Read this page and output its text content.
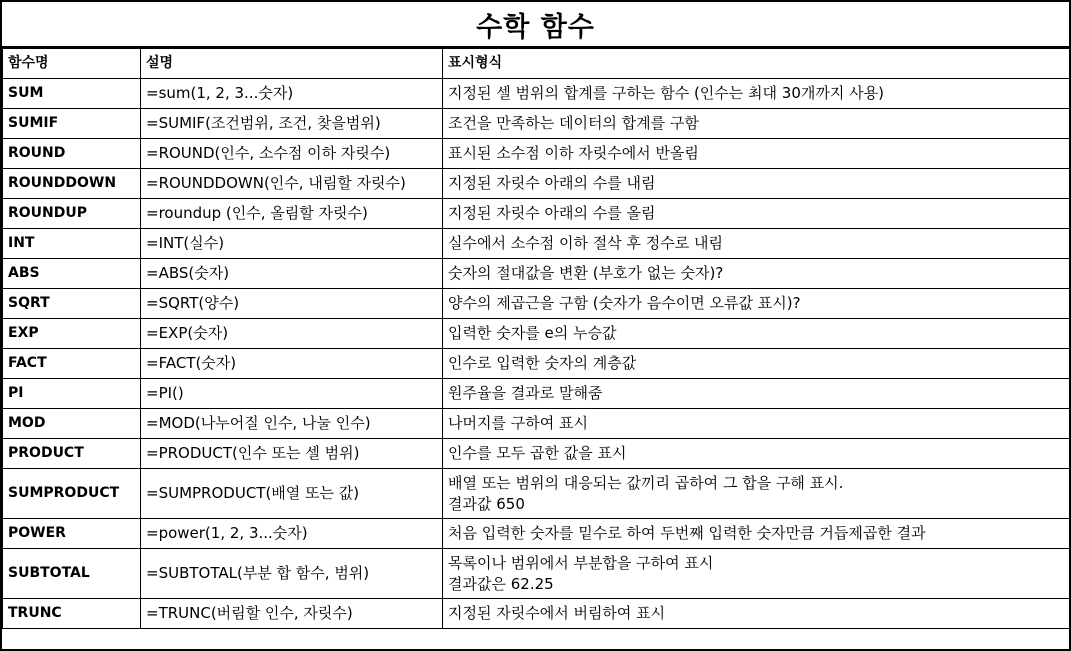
수학 함수
함수명	설명	표시형식
SUM	=sum(1, 2, 3...숫자)	지정된 셀 범위의 합계를 구하는 함수 (인수는 최대 30개까지 사용)

SUMIF	=SUMIF(조건범위, 조건, 찾을범위)	조건을 만족하는 데이터의 합계를 구함

ROUND	=ROUND(인수, 소수점 이하 자릿수)	표시된 소수점 이하 자릿수에서 반올림

ROUNDDOWN	=ROUNDDOWN(인수, 내림할 자릿수)	지정된 자릿수 아래의 수를 내림

ROUNDUP	=roundup (인수, 올림할 자릿수)	지정된 자릿수 아래의 수를 올림

INT	=INT(실수)	실수에서 소수점 이하 절삭 후 정수로 내림

ABS	=ABS(숫자)	숫자의 절대값을 변환 (부호가 없는 숫자)?

SQRT	=SQRT(양수)	양수의 제곱근을 구함 (숫자가 음수이면 오류값 표시)?

EXP	=EXP(숫자)	입력한 숫자를 e의 누승값

FACT	=FACT(숫자)	인수로 입력한 숫자의 계층값

PI	=PI()	원주율을 결과로 말해줌

MOD	=MOD(나누어질 인수, 나눌 인수)	나머지를 구하여 표시

PRODUCT	=PRODUCT(인수 또는 셀 범위)	인수를 모두 곱한 값을 표시

SUMPRODUCT	=SUMPRODUCT(배열 또는 값)	배열 또는 범위의 대응되는 값끼리 곱하여 그 합을 구해 표시.
결과값 650

POWER	=power(1, 2, 3...숫자)	처음 입력한 숫자를 밑수로 하여 두번째 입력한 숫자만큼 거듭제곱한 결과

SUBTOTAL	=SUBTOTAL(부분 합 함수, 범위)	목록이나 범위에서 부분합을 구하여 표시
결과값은 62.25

TRUNC	=TRUNC(버림할 인수, 자릿수)	지정된 자릿수에서 버림하여 표시
